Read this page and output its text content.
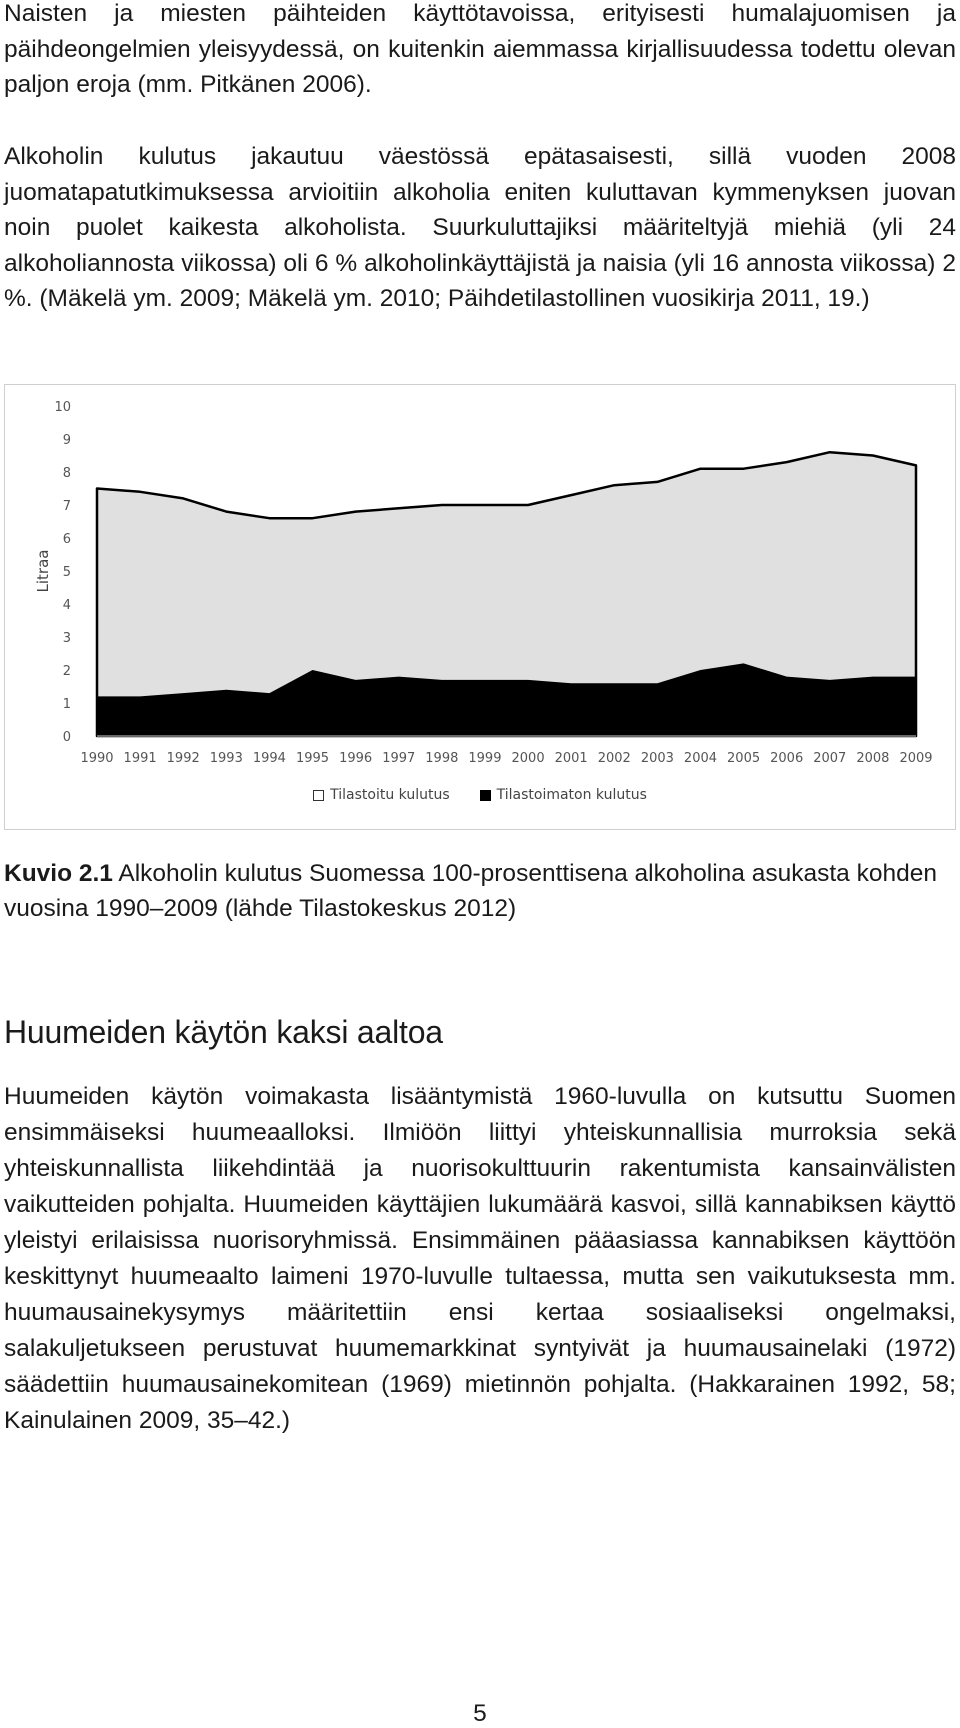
Naisten ja miesten päihteiden käyttötavoissa, erityisesti humalajuomisen ja päihdeongelmien yleisyydessä, on kuitenkin aiemmassa kirjallisuudessa todettu olevan paljon eroja (mm. Pitkänen 2006).

Alkoholin kulutus jakautuu väestössä epätasaisesti, sillä vuoden 2008 juomatapatutkimuksessa arvioitiin alkoholia eniten kuluttavan kymmenyksen juovan noin puolet kaikesta alkoholista. Suurkuluttajiksi määriteltyjä miehiä (yli 24 alkoholiannosta viikossa) oli 6 % alkoholinkäyttäjistä ja naisia (yli 16 annosta viikossa) 2 %. (Mäkelä ym. 2009; Mäkelä ym. 2010; Päihdetilastollinen vuosikirja 2011, 19.)

0
1
2
3
4
5
6
7
8
9
10
1990 1991 1992 1993 1994 1995 1996 1997 1998 1999 2000 2001 2002 2003 2004 2005 2006 2007 2008 2009
Litraa
Tilastoitu kulutus	Tilastoimaton kulutus

Kuvio 2.1 Alkoholin kulutus Suomessa 100-prosenttisena alkoholina asukasta kohden vuosina 1990–2009 (lähde Tilastokeskus 2012)

Huumeiden käytön kaksi aaltoa

Huumeiden käytön voimakasta lisääntymistä 1960-luvulla on kutsuttu Suomen ensimmäiseksi huumeaalloksi. Ilmiöön liittyi yhteiskunnallisia murroksia sekä yhteiskunnallista liikehdintää ja nuorisokulttuurin rakentumista kansainvälisten vaikutteiden pohjalta. Huumeiden käyttäjien lukumäärä kasvoi, sillä kannabiksen käyttö yleistyi erilaisissa nuorisoryhmissä. Ensimmäinen pääasiassa kannabiksen käyttöön keskittynyt huumeaalto laimeni 1970-luvulle tultaessa, mutta sen vaikutuksesta mm. huumausainekysymys määritettiin ensi kertaa sosiaaliseksi ongelmaksi, salakuljetukseen perustuvat huumemarkkinat syntyivät ja huumausainelaki (1972) säädettiin huumausainekomitean (1969) mietinnön pohjalta. (Hakkarainen 1992, 58; Kainulainen 2009, 35–42.)

5
